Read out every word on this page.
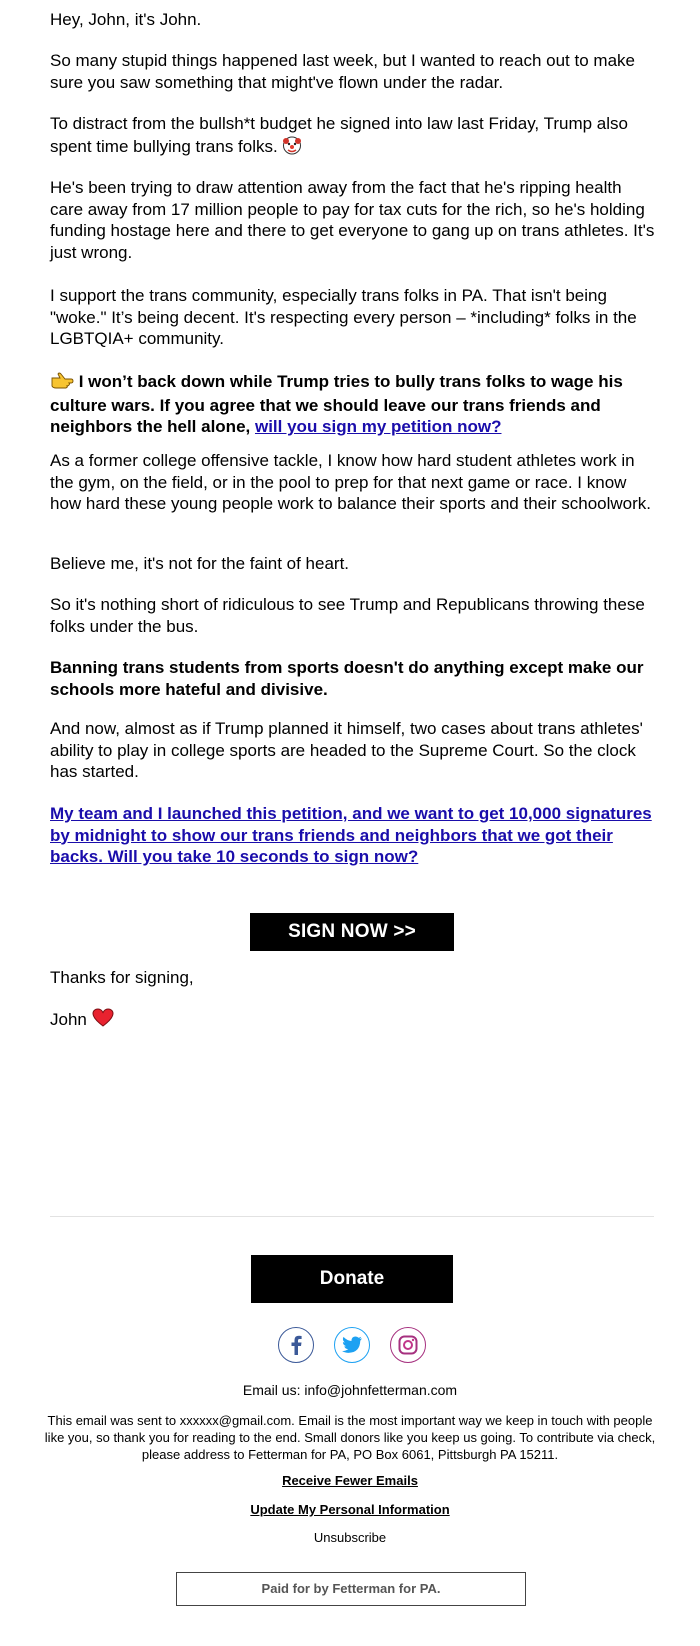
Hey, John, it's John.

So many stupid things happened last week, but I wanted to reach out to make sure you saw something that might've flown under the radar.

To distract from the bullsh*t budget he signed into law last Friday, Trump also spent time bullying trans folks.

He's been trying to draw attention away from the fact that he's ripping health care away from 17 million people to pay for tax cuts for the rich, so he's holding funding hostage here and there to get everyone to gang up on trans athletes. It's just wrong.

I support the trans community, especially trans folks in PA. That isn't being "woke." It’s being decent. It's respecting every person – *including* folks in the LGBTQIA+ community.

I won’t back down while Trump tries to bully trans folks to wage his culture wars. If you agree that we should leave our trans friends and neighbors the hell alone, will you sign my petition now?

As a former college offensive tackle, I know how hard student athletes work in the gym, on the field, or in the pool to prep for that next game or race. I know how hard these young people work to balance their sports and their schoolwork.

Believe me, it's not for the faint of heart.

So it's nothing short of ridiculous to see Trump and Republicans throwing these folks under the bus.

Banning trans students from sports doesn't do anything except make our schools more hateful and divisive.

And now, almost as if Trump planned it himself, two cases about trans athletes' ability to play in college sports are headed to the Supreme Court. So the clock has started.

My team and I launched this petition, and we want to get 10,000 signatures by midnight to show our trans friends and neighbors that we got their backs. Will you take 10 seconds to sign now?

Thanks for signing,

John

SIGN NOW >>
Donate
Email us: info@johnfetterman.com
This email was sent to xxxxxx@gmail.com. Email is the most important way we keep in touch with people like you, so thank you for reading to the end. Small donors like you keep us going. To contribute via check, please address to Fetterman for PA, PO Box 6061, Pittsburgh PA 15211.
Receive Fewer Emails
Update My Personal Information
Unsubscribe
Paid for by Fetterman for PA.
